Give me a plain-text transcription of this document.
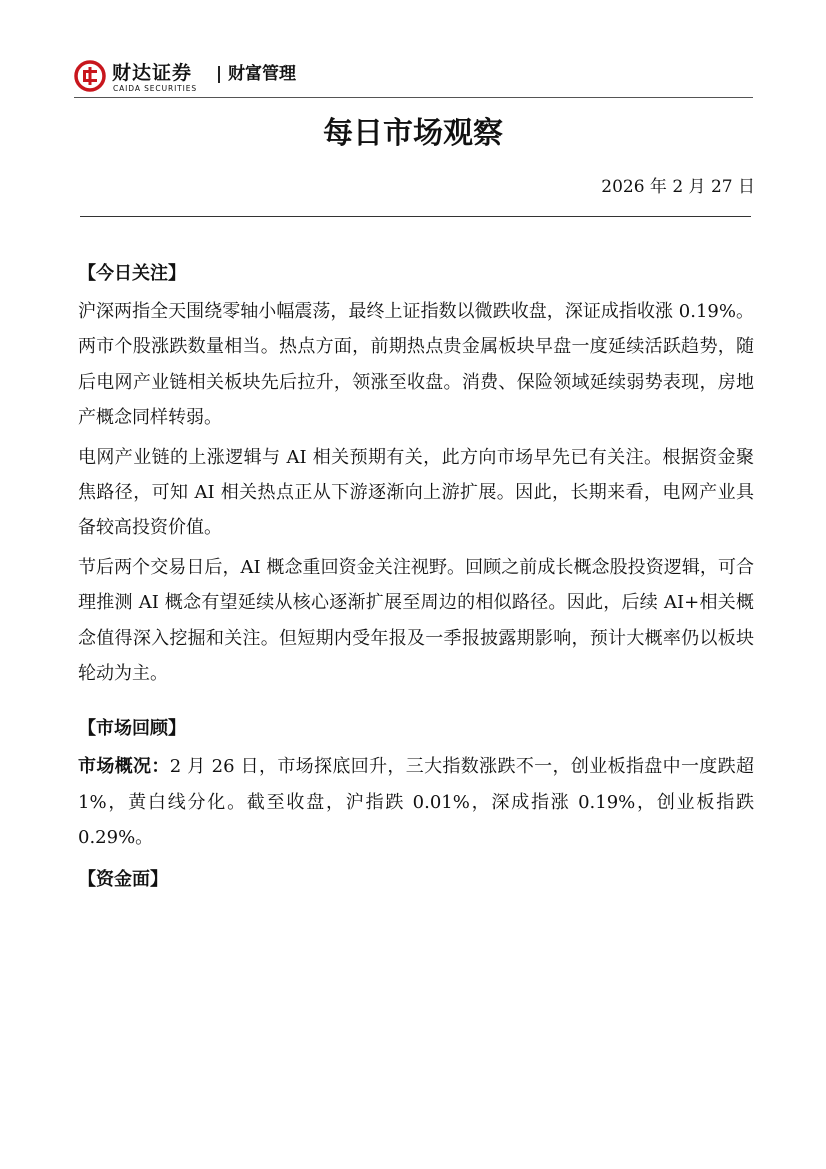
财达证券
CAIDA SECURITIES
财富管理
每日市场观察
2026 年 2 月 27 日
【今日关注】

沪深两指全天围绕零轴小幅震荡，最终上证指数以微跌收盘，深证成指收涨 0.19%。两市个股涨跌数量相当。热点方面，前期热点贵金属板块早盘一度延续活跃趋势，随后电网产业链相关板块先后拉升，领涨至收盘。消费、保险领域延续弱势表现，房地产概念同样转弱。

电网产业链的上涨逻辑与 AI 相关预期有关，此方向市场早先已有关注。根据资金聚焦路径，可知 AI 相关热点正从下游逐渐向上游扩展。因此，长期来看，电网产业具备较高投资价值。

节后两个交易日后，AI 概念重回资金关注视野。回顾之前成长概念股投资逻辑，可合理推测 AI 概念有望延续从核心逐渐扩展至周边的相似路径。因此，后续 AI+相关概念值得深入挖掘和关注。但短期内受年报及一季报披露期影响，预计大概率仍以板块轮动为主。

【市场回顾】

市场概况：2 月 26 日，市场探底回升，三大指数涨跌不一，创业板指盘中一度跌超 1%，黄白线分化。截至收盘，沪指跌 0.01%，深成指涨 0.19%，创业板指跌 0.29%。

【资金面】
